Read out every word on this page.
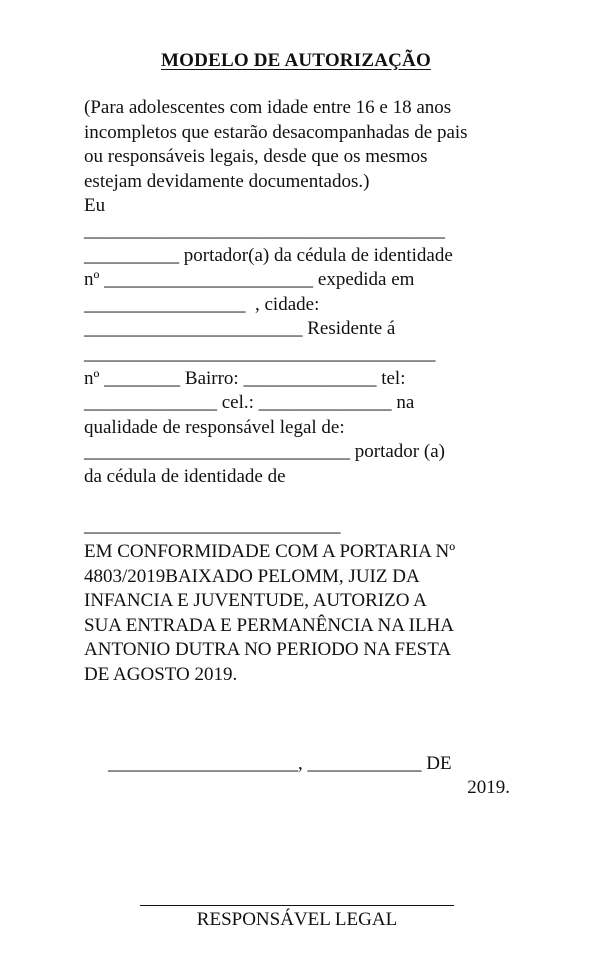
MODELO DE AUTORIZAÇÃO
(Para adolescentes com idade entre 16 e 18 anos
incompletos que estarão desacompanhadas de pais
ou responsáveis legais, desde que os mesmos
estejam devidamente documentados.)
Eu
______________________________________
__________ portador(a) da cédula de identidade
nº ______________________ expedida em
_________________  , cidade:
_______________________ Residente á
_____________________________________
nº ________ Bairro: ______________ tel:
______________ cel.: ______________ na
qualidade de responsável legal de:
____________________________ portador (a)
da cédula de identidade de
___________________________
EM CONFORMIDADE COM A PORTARIA Nº
4803/2019BAIXADO PELOMM, JUIZ DA
INFANCIA E JUVENTUDE, AUTORIZO A
SUA ENTRADA E PERMANÊNCIA NA ILHA
ANTONIO DUTRA NO PERIODO NA FESTA
DE AGOSTO 2019.
____________________, ____________ DE
2019.
RESPONSÁVEL LEGAL
